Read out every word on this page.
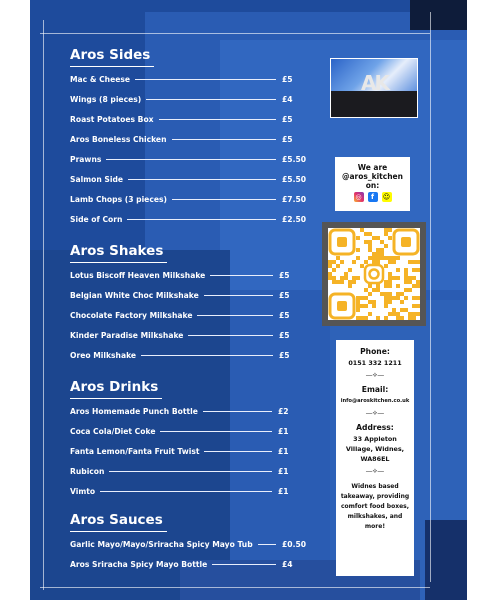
Aros Sides
Mac & Cheese	£5
Wings (8 pieces)	£4
Roast Potatoes Box	£5
Aros Boneless Chicken	£5
Prawns	£5.50
Salmon Side	£5.50
Lamb Chops (3 pieces)	£7.50
Side of Corn	£2.50
Aros Shakes
Lotus Biscoff Heaven Milkshake	£5
Belgian White Choc Milkshake	£5
Chocolate Factory Milkshake	£5
Kinder Paradise Milkshake	£5
Oreo Milkshake	£5
Aros Drinks
Aros Homemade Punch Bottle	£2
Coca Cola/Diet Coke	£1
Fanta Lemon/Fanta Fruit Twist	£1
Rubicon	£1
Vimto	£1
Aros Sauces
Garlic Mayo/Mayo/Sriracha Spicy Mayo Tub	£0.50
Aros Sriracha Spicy Mayo Bottle	£4
AK
We are
@aros_kitchen
on:
◎	f	☺
Phone:
0151 332 1211
—⟡—
Email:
info@aroskitchen.co.uk
—⟡—
Address:
33 Appleton Village, Widnes, WA86EL
—⟡—
Widnes based takeaway, providing comfort food boxes, milkshakes, and more!
